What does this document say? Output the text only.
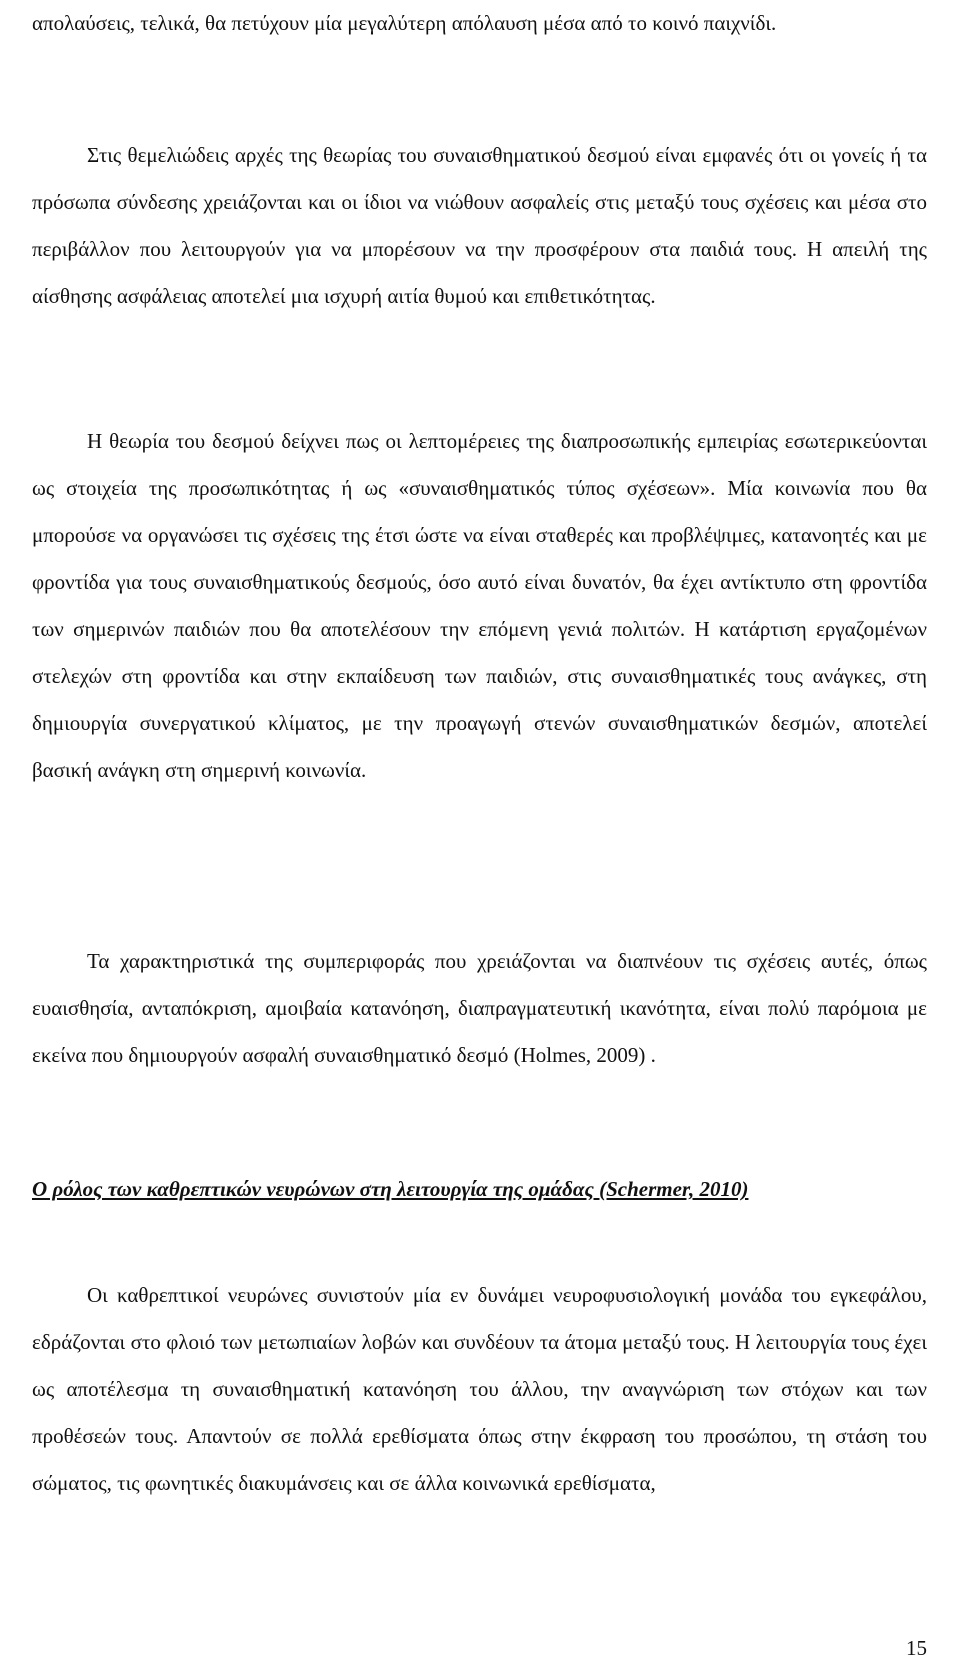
απολαύσεις, τελικά, θα πετύχουν μία μεγαλύτερη απόλαυση μέσα από το κοινό παιχνίδι.

Στις θεμελιώδεις αρχές της θεωρίας του συναισθηματικού δεσμού είναι εμφανές ότι οι γονείς ή τα πρόσωπα σύνδεσης χρειάζονται και οι ίδιοι να νιώθουν ασφαλείς στις μεταξύ τους σχέσεις και μέσα στο περιβάλλον που λειτουργούν για να μπορέσουν να την προσφέρουν στα παιδιά τους. Η απειλή της αίσθησης ασφάλειας αποτελεί μια ισχυρή αιτία θυμού και επιθετικότητας.

Η θεωρία του δεσμού δείχνει πως οι λεπτομέρειες της διαπροσωπικής εμπειρίας εσωτερικεύονται ως στοιχεία της προσωπικότητας ή ως «συναισθηματικός τύπος σχέσεων». Μία κοινωνία που θα μπορούσε να οργανώσει τις σχέσεις της έτσι ώστε να είναι σταθερές και προβλέψιμες, κατανοητές και με φροντίδα για τους συναισθηματικούς δεσμούς, όσο αυτό είναι δυνατόν, θα έχει αντίκτυπο στη φροντίδα των σημερινών παιδιών που θα αποτελέσουν την επόμενη γενιά πολιτών. Η κατάρτιση εργαζομένων στελεχών στη φροντίδα και στην εκπαίδευση των παιδιών, στις συναισθηματικές τους ανάγκες, στη δημιουργία συνεργατικού κλίματος, με την προαγωγή στενών συναισθηματικών δεσμών, αποτελεί βασική ανάγκη στη σημερινή κοινωνία.

Τα χαρακτηριστικά της συμπεριφοράς που χρειάζονται να διαπνέουν τις σχέσεις αυτές, όπως ευαισθησία, ανταπόκριση, αμοιβαία κατανόηση, διαπραγματευτική ικανότητα, είναι πολύ παρόμοια με εκείνα που δημιουργούν ασφαλή συναισθηματικό δεσμό (Holmes, 2009) .

Ο ρόλος των καθρεπτικών νευρώνων στη λειτουργία της ομάδας (Schermer, 2010)

Οι καθρεπτικοί νευρώνες συνιστούν μία εν δυνάμει νευροφυσιολογική μονάδα του εγκεφάλου, εδράζονται στο φλοιό των μετωπιαίων λοβών και συνδέουν τα άτομα μεταξύ τους. Η λειτουργία τους έχει ως αποτέλεσμα τη συναισθηματική κατανόηση του άλλου, την αναγνώριση των στόχων και των προθέσεών τους. Απαντούν σε πολλά ερεθίσματα όπως στην έκφραση του προσώπου, τη στάση του σώματος, τις φωνητικές διακυμάνσεις και σε άλλα κοινωνικά ερεθίσματα,

15
